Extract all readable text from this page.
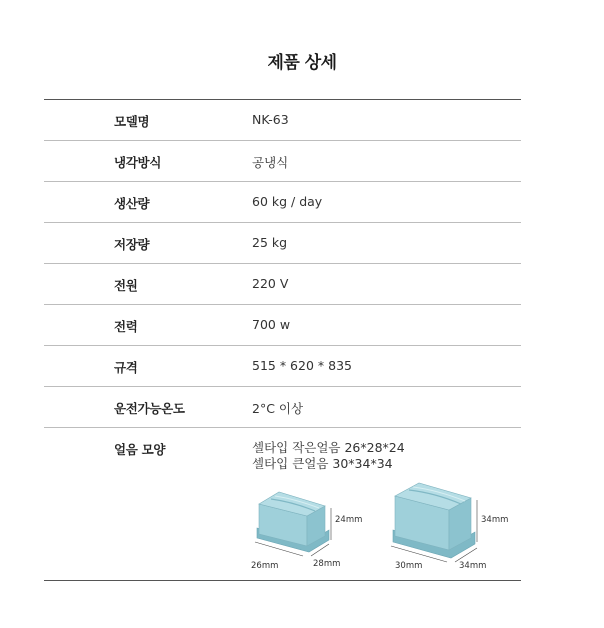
제품 상세
모델명	NK-63
냉각방식	공냉식
생산량	60 kg / day
저장량	25 kg
전원	220 V
전력	700 w
규격	515 * 620 * 835
운전가능온도	2°C 이상
얼음 모양	셀타입 작은얼음 26*28*24
셀타입 큰얼음 30*34*34
24mm
26mm	28mm
34mm
30mm	34mm
